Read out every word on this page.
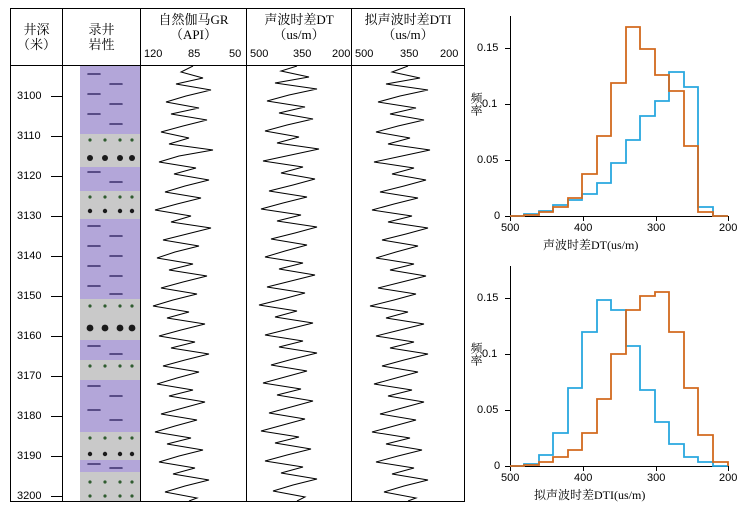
井深
（米）
录井
岩性
自然伽马GR
（API）
声波时差DT
（us/m）
拟声波时差DTI
（us/m）
120 85	50 500 350 200 500 350 200
3100
3110
3120
3130
3140
3150
3160
3170
3180
3190
3200
0
0.05
0.1
0.15
500	400	300	200
频率
声波时差DT(us/m)
0
0.05
0.1
0.15
500	400	300	200
频率
拟声波时差DTI(us/m)
